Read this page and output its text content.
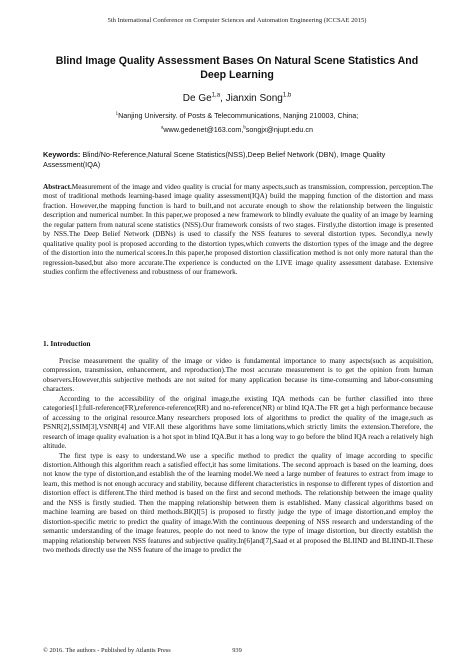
5th International Conference on Computer Sciences and Automation Engineering (ICCSAE 2015)
Blind Image Quality Assessment Bases On Natural Scene Statistics And Deep Learning
De Ge$^{1,a}$, Jianxin Song$^{1,b}$
$^1$Nanjing University. of Posts & Telecommunications, Nanjing 210003, China;
$^a$www.gedenet@163.com,$^b$songjx@njupt.edu.cn
Keywords: Blind/No-Reference,Natural Scene Statistics(NSS),Deep Belief Network (DBN), Image Quality Assessment(IQA)
Abstract.Measurement of the image and video quality is crucial for many aspects,such as transmission, compression, perception.The most of traditional methods learning-based image quality assessment(IQA) build the mapping function of the distortion and mass fraction. However,the mapping function is hard to built,and not accurate enough to show the relationship between the linguistic description and numerical number. In this paper,we proposed a new framework to blindly evaluate the quality of an image by learning the regular pattern from natural scene statistics (NSS).Our framework consists of two stages. Firstly,the distortion image is presented by NSS.The Deep Belief Network (DBNs) is used to classify the NSS features to several distortion types. Secondly,a newly qualitative quality pool is proposed according to the distortion types,which converts the distortion types of the image and the degree of the distortion into the numerical scores.In this paper,he proposed distortion classification method is not only more natural than the regression-based,but also more accurate.The experience is conducted on the LIVE image quality assessment database. Extensive studies confirm the effectiveness and robustness of our framework.
1. Introduction

Precise measurement the quality of the image or video is fundamental importance to many aspects(such as acquisition, compression, transmission, enhancement, and reproduction).The most accurate measurement is to get the opinion from human observers.However,this subjective methods are not suited for many application because its time-consuming and labor-consuming characters.

According to the accessibility of the original image,the existing IQA methods can be further classified into three categories[1]:full-reference(FR),reference-reference(RR) and no-reference(NR) or blind IQA.The FR get a high performance because of accessing to the original resource.Many researchers proposed lots of algorithms to predict the quality of the image,such as PSNR[2],SSIM[3],VSNR[4] and VIF.All these algorithms have some limitations,which strictly limits the extension.Therefore, the research of image quality evaluation is a hot spot in blind IQA.But it has a long way to go before the blind IQA reach a relatively high altitude.

The first type is easy to understand.We use a specific method to predict the quality of image according to specific distortion.Although this algorithm reach a satisfied effect,it has some limitations. The second approach is based on the learning, does not know the type of distortion,and establish the of the learning model.We need a large number of features to extract from image to learn, this method is not enough accuracy and stability, because different characteristics in response to different types of distortion and distortion effect is different.The third method is based on the first and second methods. The relationship between the image quality and the NSS is firstly studied. Then the mapping relationship between them is established. Many classical algorithms based on machine learning are based on third methods.BIQI[5] is proposed to firstly judge the type of image distortion,and employ the distortion-specific metric to predict the quality of image.With the continuous deepening of NSS research and understanding of the semantic understanding of the image features, people do not need to know the type of image distortion, but directly establish the mapping relationship between NSS features and subjective quality.In[6]and[7],Saad et al proposed the BLIIND and BLIIND-II.These two methods directly use the NSS feature of the image to predict the

© 2016. The authors - Published by Atlantis Press	939
